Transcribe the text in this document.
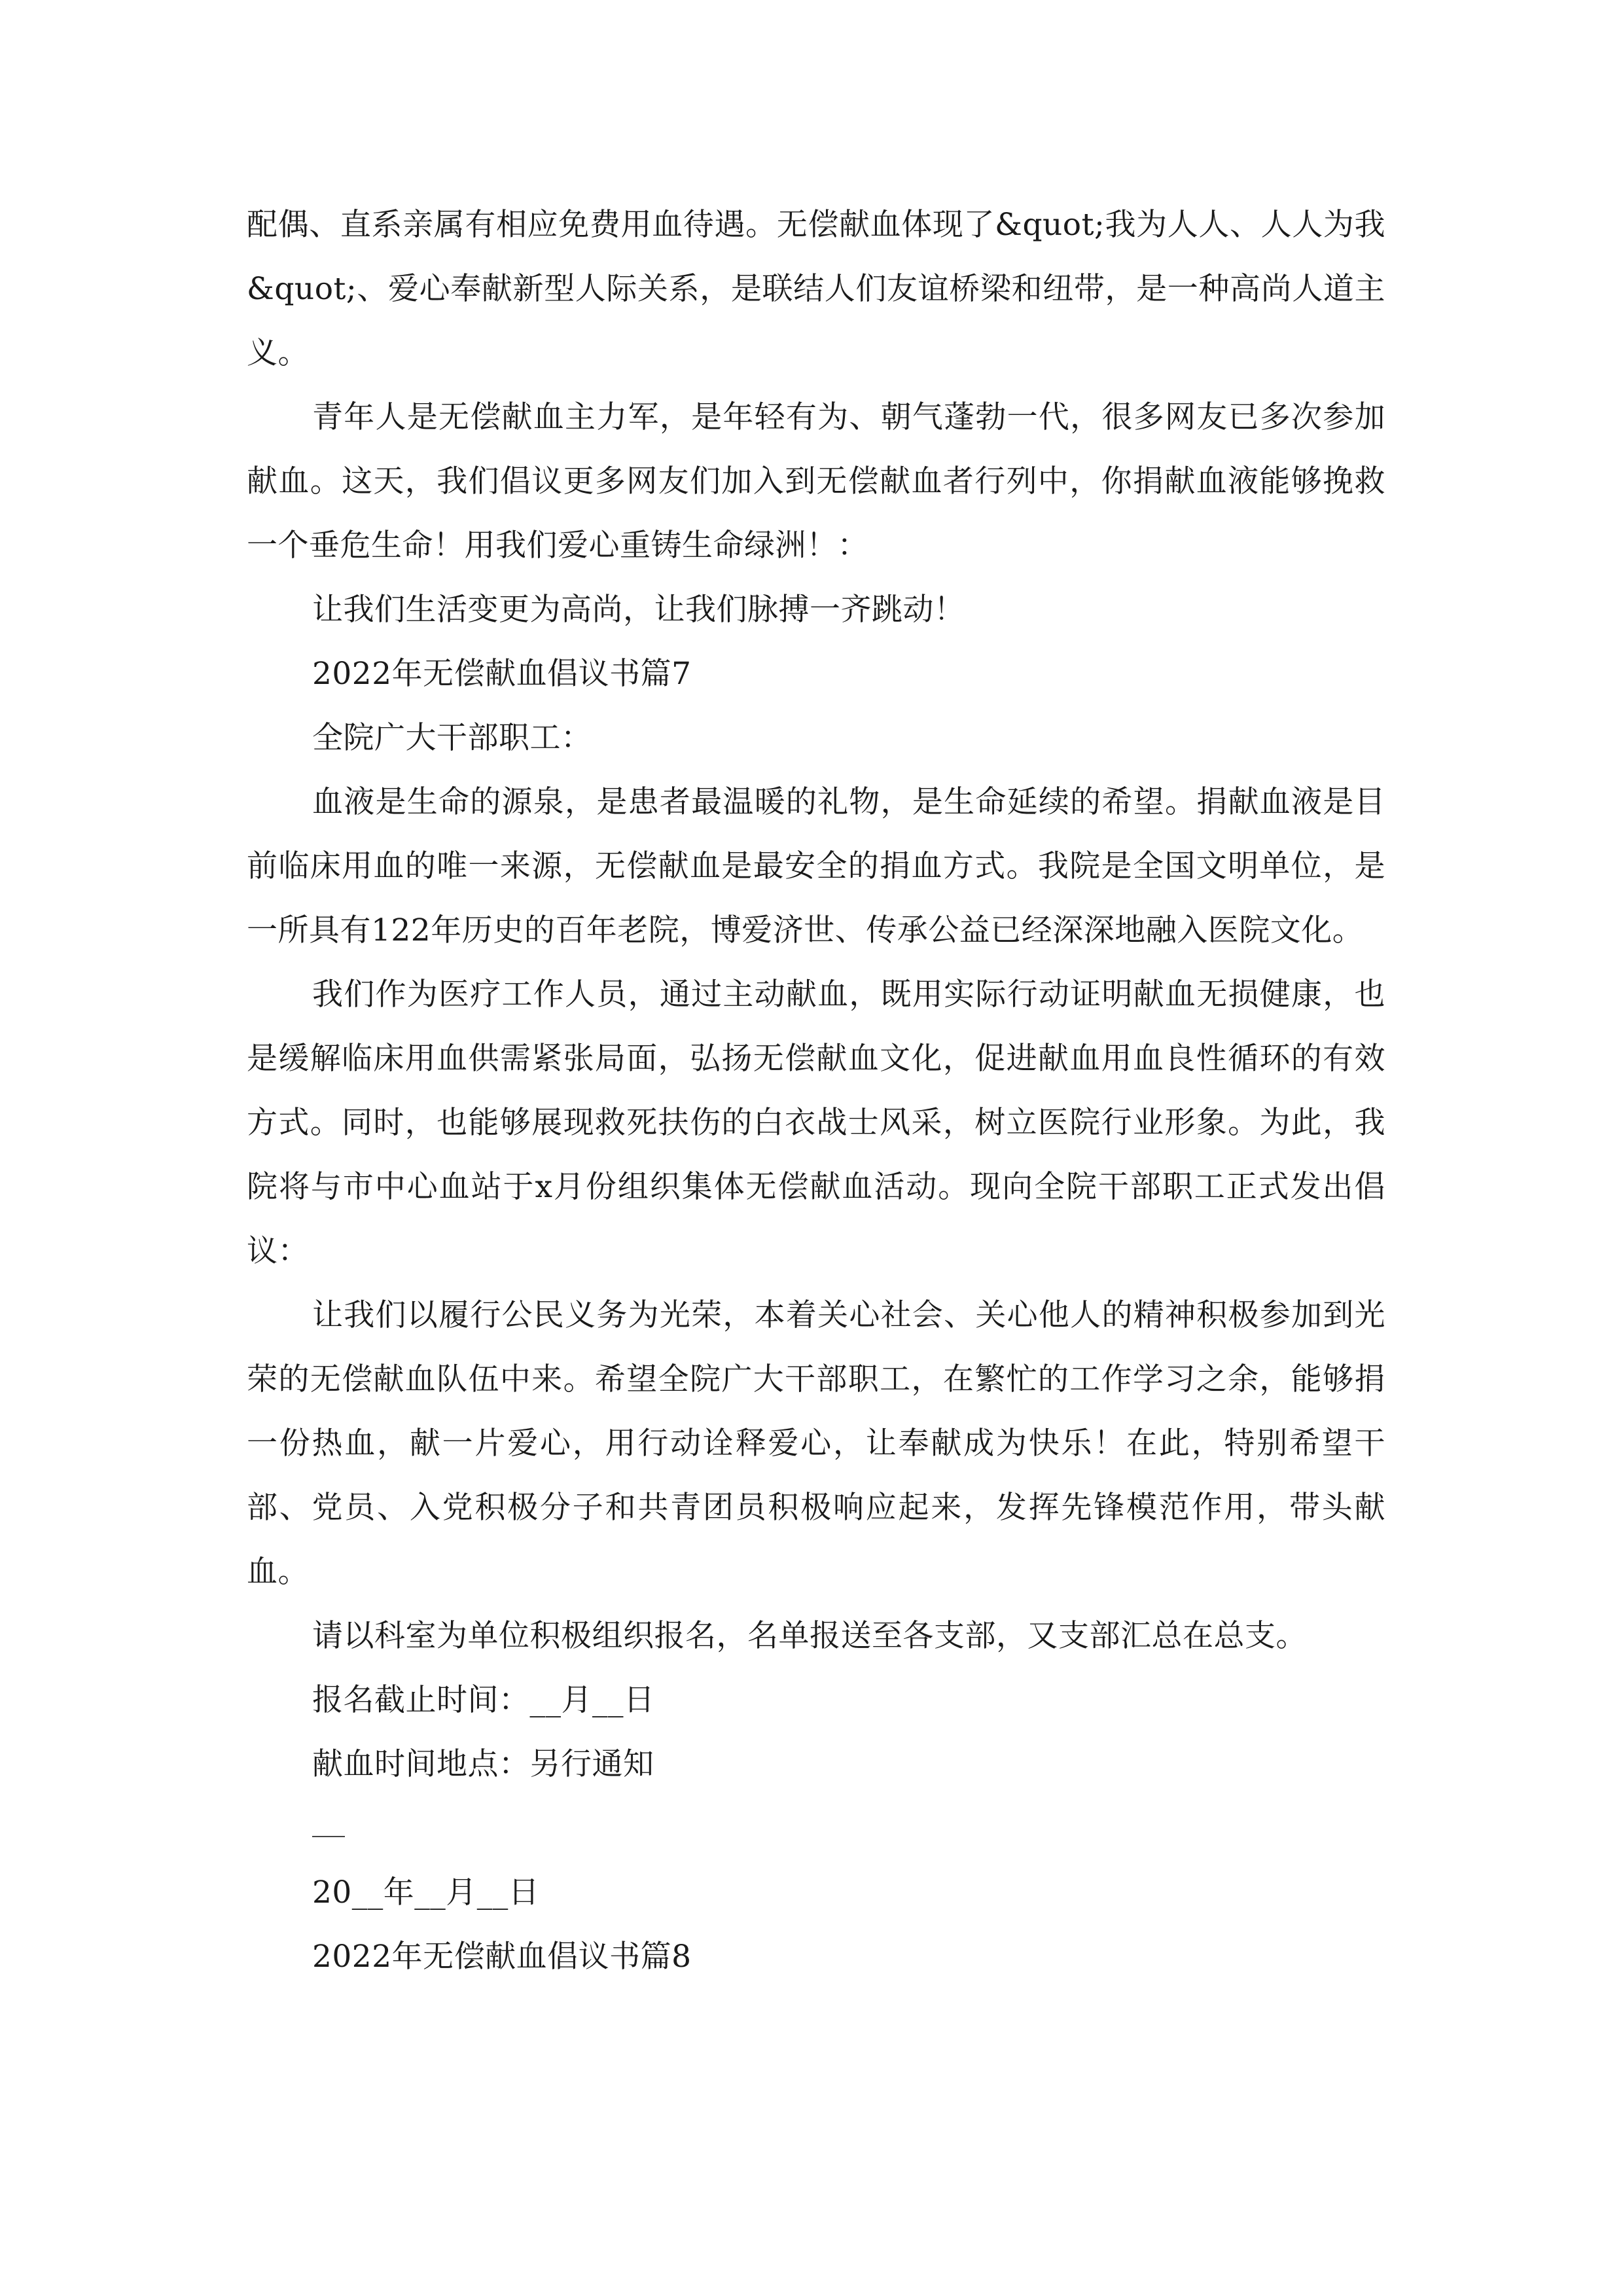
配偶、直系亲属有相应免费用血待遇。无偿献血体现了&quot;我为人人、人人为我&quot;、爱心奉献新型人际关系，是联结人们友谊桥梁和纽带，是一种高尚人道主义。

青年人是无偿献血主力军，是年轻有为、朝气蓬勃一代，很多网友已多次参加献血。这天，我们倡议更多网友们加入到无偿献血者行列中，你捐献血液能够挽救一个垂危生命！用我们爱心重铸生命绿洲！：

让我们生活变更为高尚，让我们脉搏一齐跳动！

2022年无偿献血倡议书篇7

全院广大干部职工：

血液是生命的源泉，是患者最温暖的礼物，是生命延续的希望。捐献血液是目前临床用血的唯一来源，无偿献血是最安全的捐血方式。我院是全国文明单位，是一所具有122年历史的百年老院，博爱济世、传承公益已经深深地融入医院文化。

我们作为医疗工作人员，通过主动献血，既用实际行动证明献血无损健康，也是缓解临床用血供需紧张局面，弘扬无偿献血文化，促进献血用血良性循环的有效方式。同时，也能够展现救死扶伤的白衣战士风采，树立医院行业形象。为此，我院将与市中心血站于x月份组织集体无偿献血活动。现向全院干部职工正式发出倡议：

让我们以履行公民义务为光荣，本着关心社会、关心他人的精神积极参加到光荣的无偿献血队伍中来。希望全院广大干部职工，在繁忙的工作学习之余，能够捐一份热血，献一片爱心，用行动诠释爱心，让奉献成为快乐！在此，特别希望干部、党员、入党积极分子和共青团员积极响应起来，发挥先锋模范作用，带头献血。

请以科室为单位积极组织报名，名单报送至各支部，又支部汇总在总支。

报名截止时间：__月__日

献血时间地点：另行通知

20__年__月__日

2022年无偿献血倡议书篇8
